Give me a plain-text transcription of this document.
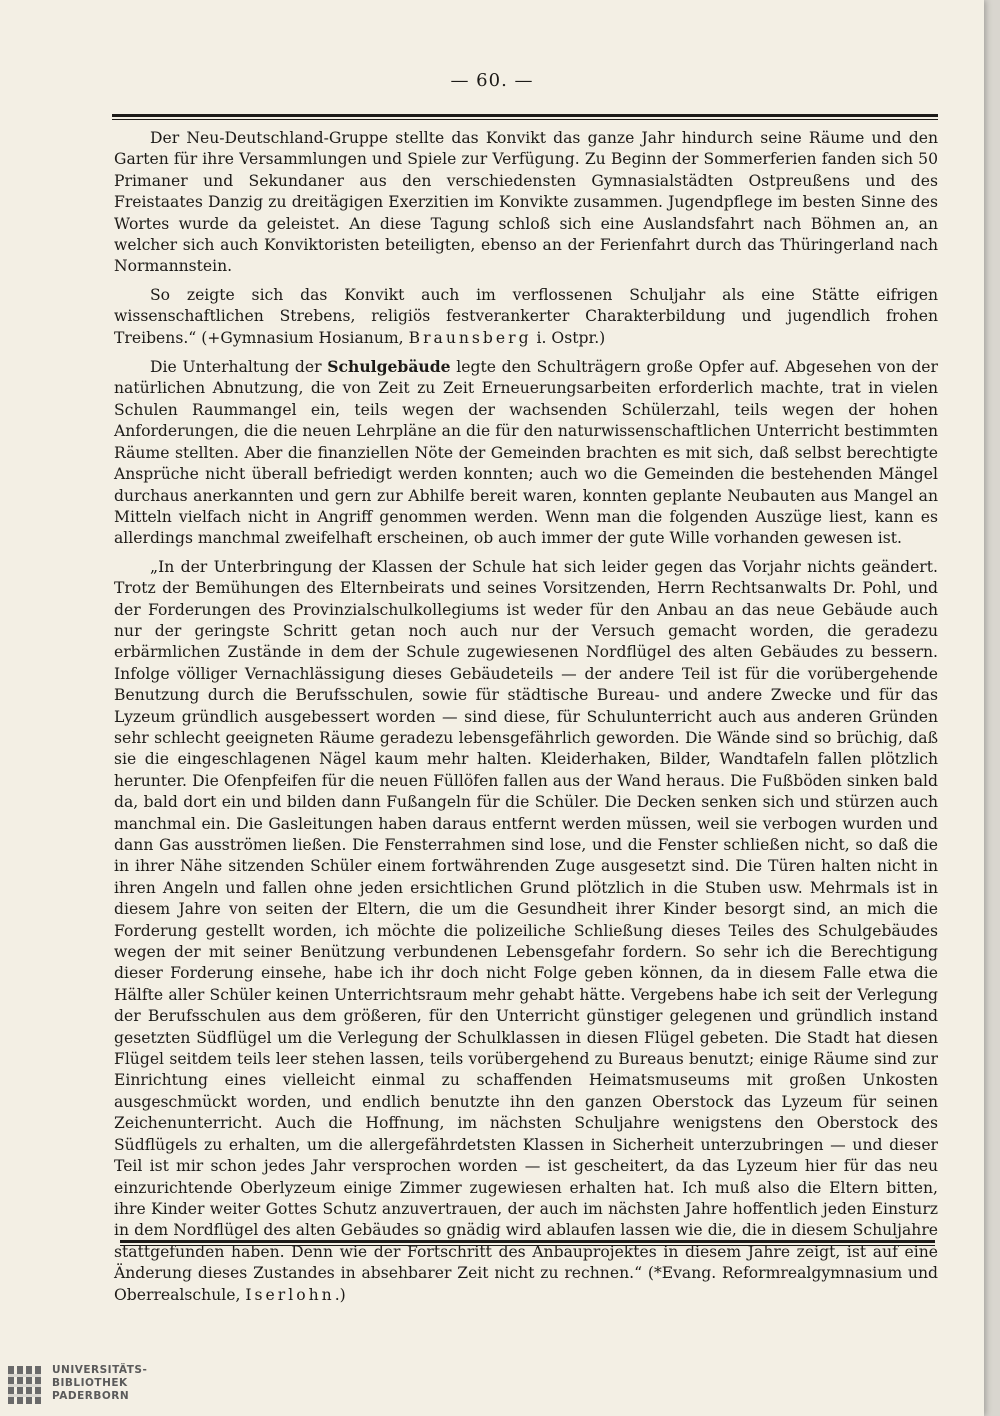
— 60. —

Der Neu-Deutschland-Gruppe stellte das Konvikt das ganze Jahr hindurch seine Räume und den Garten für ihre Versammlungen und Spiele zur Verfügung. Zu Beginn der Sommerferien fanden sich 50 Primaner und Sekundaner aus den verschiedensten Gymnasialstädten Ostpreußens und des Freistaates Danzig zu dreitägigen Exerzitien im Konvikte zusammen. Jugendpflege im besten Sinne des Wortes wurde da geleistet. An diese Tagung schloß sich eine Auslandsfahrt nach Böhmen an, an welcher sich auch Konviktoristen beteiligten, ebenso an der Ferienfahrt durch das Thüringerland nach Normannstein.

So zeigte sich das Konvikt auch im verflossenen Schuljahr als eine Stätte eifrigen wissenschaftlichen Strebens, religiös festverankerter Charakterbildung und jugendlich frohen Treibens.“ (+Gymnasium Hosianum, Braunsberg i. Ostpr.)

Die Unterhaltung der Schulgebäude legte den Schulträgern große Opfer auf. Abgesehen von der natürlichen Abnutzung, die von Zeit zu Zeit Erneuerungsarbeiten erforderlich machte, trat in vielen Schulen Raummangel ein, teils wegen der wachsenden Schülerzahl, teils wegen der hohen Anforderungen, die die neuen Lehrpläne an die für den naturwissenschaftlichen Unterricht bestimmten Räume stellten. Aber die finanziellen Nöte der Gemeinden brachten es mit sich, daß selbst berechtigte Ansprüche nicht überall befriedigt werden konnten; auch wo die Gemeinden die bestehenden Mängel durchaus anerkannten und gern zur Abhilfe bereit waren, konnten geplante Neubauten aus Mangel an Mitteln vielfach nicht in Angriff genommen werden. Wenn man die folgenden Auszüge liest, kann es allerdings manchmal zweifelhaft erscheinen, ob auch immer der gute Wille vorhanden gewesen ist.

„In der Unterbringung der Klassen der Schule hat sich leider gegen das Vorjahr nichts geändert. Trotz der Bemühungen des Elternbeirats und seines Vorsitzenden, Herrn Rechtsanwalts Dr. Pohl, und der Forderungen des Provinzialschulkollegiums ist weder für den Anbau an das neue Gebäude auch nur der geringste Schritt getan noch auch nur der Versuch gemacht worden, die geradezu erbärmlichen Zustände in dem der Schule zugewiesenen Nordflügel des alten Gebäudes zu bessern. Infolge völliger Vernachlässigung dieses Gebäudeteils — der andere Teil ist für die vorübergehende Benutzung durch die Berufsschulen, sowie für städtische Bureau- und andere Zwecke und für das Lyzeum gründlich ausgebessert worden — sind diese, für Schulunterricht auch aus anderen Gründen sehr schlecht geeigneten Räume geradezu lebensgefährlich geworden. Die Wände sind so brüchig, daß sie die eingeschlagenen Nägel kaum mehr halten. Kleiderhaken, Bilder, Wandtafeln fallen plötzlich herunter. Die Ofenpfeifen für die neuen Füllöfen fallen aus der Wand heraus. Die Fußböden sinken bald da, bald dort ein und bilden dann Fußangeln für die Schüler. Die Decken senken sich und stürzen auch manchmal ein. Die Gasleitungen haben daraus entfernt werden müssen, weil sie verbogen wurden und dann Gas ausströmen ließen. Die Fensterrahmen sind lose, und die Fenster schließen nicht, so daß die in ihrer Nähe sitzenden Schüler einem fortwährenden Zuge ausgesetzt sind. Die Türen halten nicht in ihren Angeln und fallen ohne jeden ersichtlichen Grund plötzlich in die Stuben usw. Mehrmals ist in diesem Jahre von seiten der Eltern, die um die Gesundheit ihrer Kinder besorgt sind, an mich die Forderung gestellt worden, ich möchte die polizeiliche Schließung dieses Teiles des Schulgebäudes wegen der mit seiner Benützung verbundenen Lebensgefahr fordern. So sehr ich die Berechtigung dieser Forderung einsehe, habe ich ihr doch nicht Folge geben können, da in diesem Falle etwa die Hälfte aller Schüler keinen Unterrichtsraum mehr gehabt hätte. Vergebens habe ich seit der Verlegung der Berufsschulen aus dem größeren, für den Unterricht günstiger gelegenen und gründlich instand gesetzten Südflügel um die Verlegung der Schulklassen in diesen Flügel gebeten. Die Stadt hat diesen Flügel seitdem teils leer stehen lassen, teils vorübergehend zu Bureaus benutzt; einige Räume sind zur Einrichtung eines vielleicht einmal zu schaffenden Heimatsmuseums mit großen Unkosten ausgeschmückt worden, und endlich benutzte ihn den ganzen Oberstock das Lyzeum für seinen Zeichenunterricht. Auch die Hoffnung, im nächsten Schuljahre wenigstens den Oberstock des Südflügels zu erhalten, um die allergefährdetsten Klassen in Sicherheit unterzubringen — und dieser Teil ist mir schon jedes Jahr versprochen worden — ist gescheitert, da das Lyzeum hier für das neu einzurichtende Oberlyzeum einige Zimmer zugewiesen erhalten hat. Ich muß also die Eltern bitten, ihre Kinder weiter Gottes Schutz anzuvertrauen, der auch im nächsten Jahre hoffentlich jeden Einsturz in dem Nordflügel des alten Gebäudes so gnädig wird ablaufen lassen wie die, die in diesem Schuljahre stattgefunden haben. Denn wie der Fortschritt des Anbauprojektes in diesem Jahre zeigt, ist auf eine Änderung dieses Zustandes in absehbarer Zeit nicht zu rechnen.“ (*Evang. Reformrealgymnasium und Oberrealschule, Iserlohn.)

UNIVERSITÄTS-
BIBLIOTHEK
PADERBORN
